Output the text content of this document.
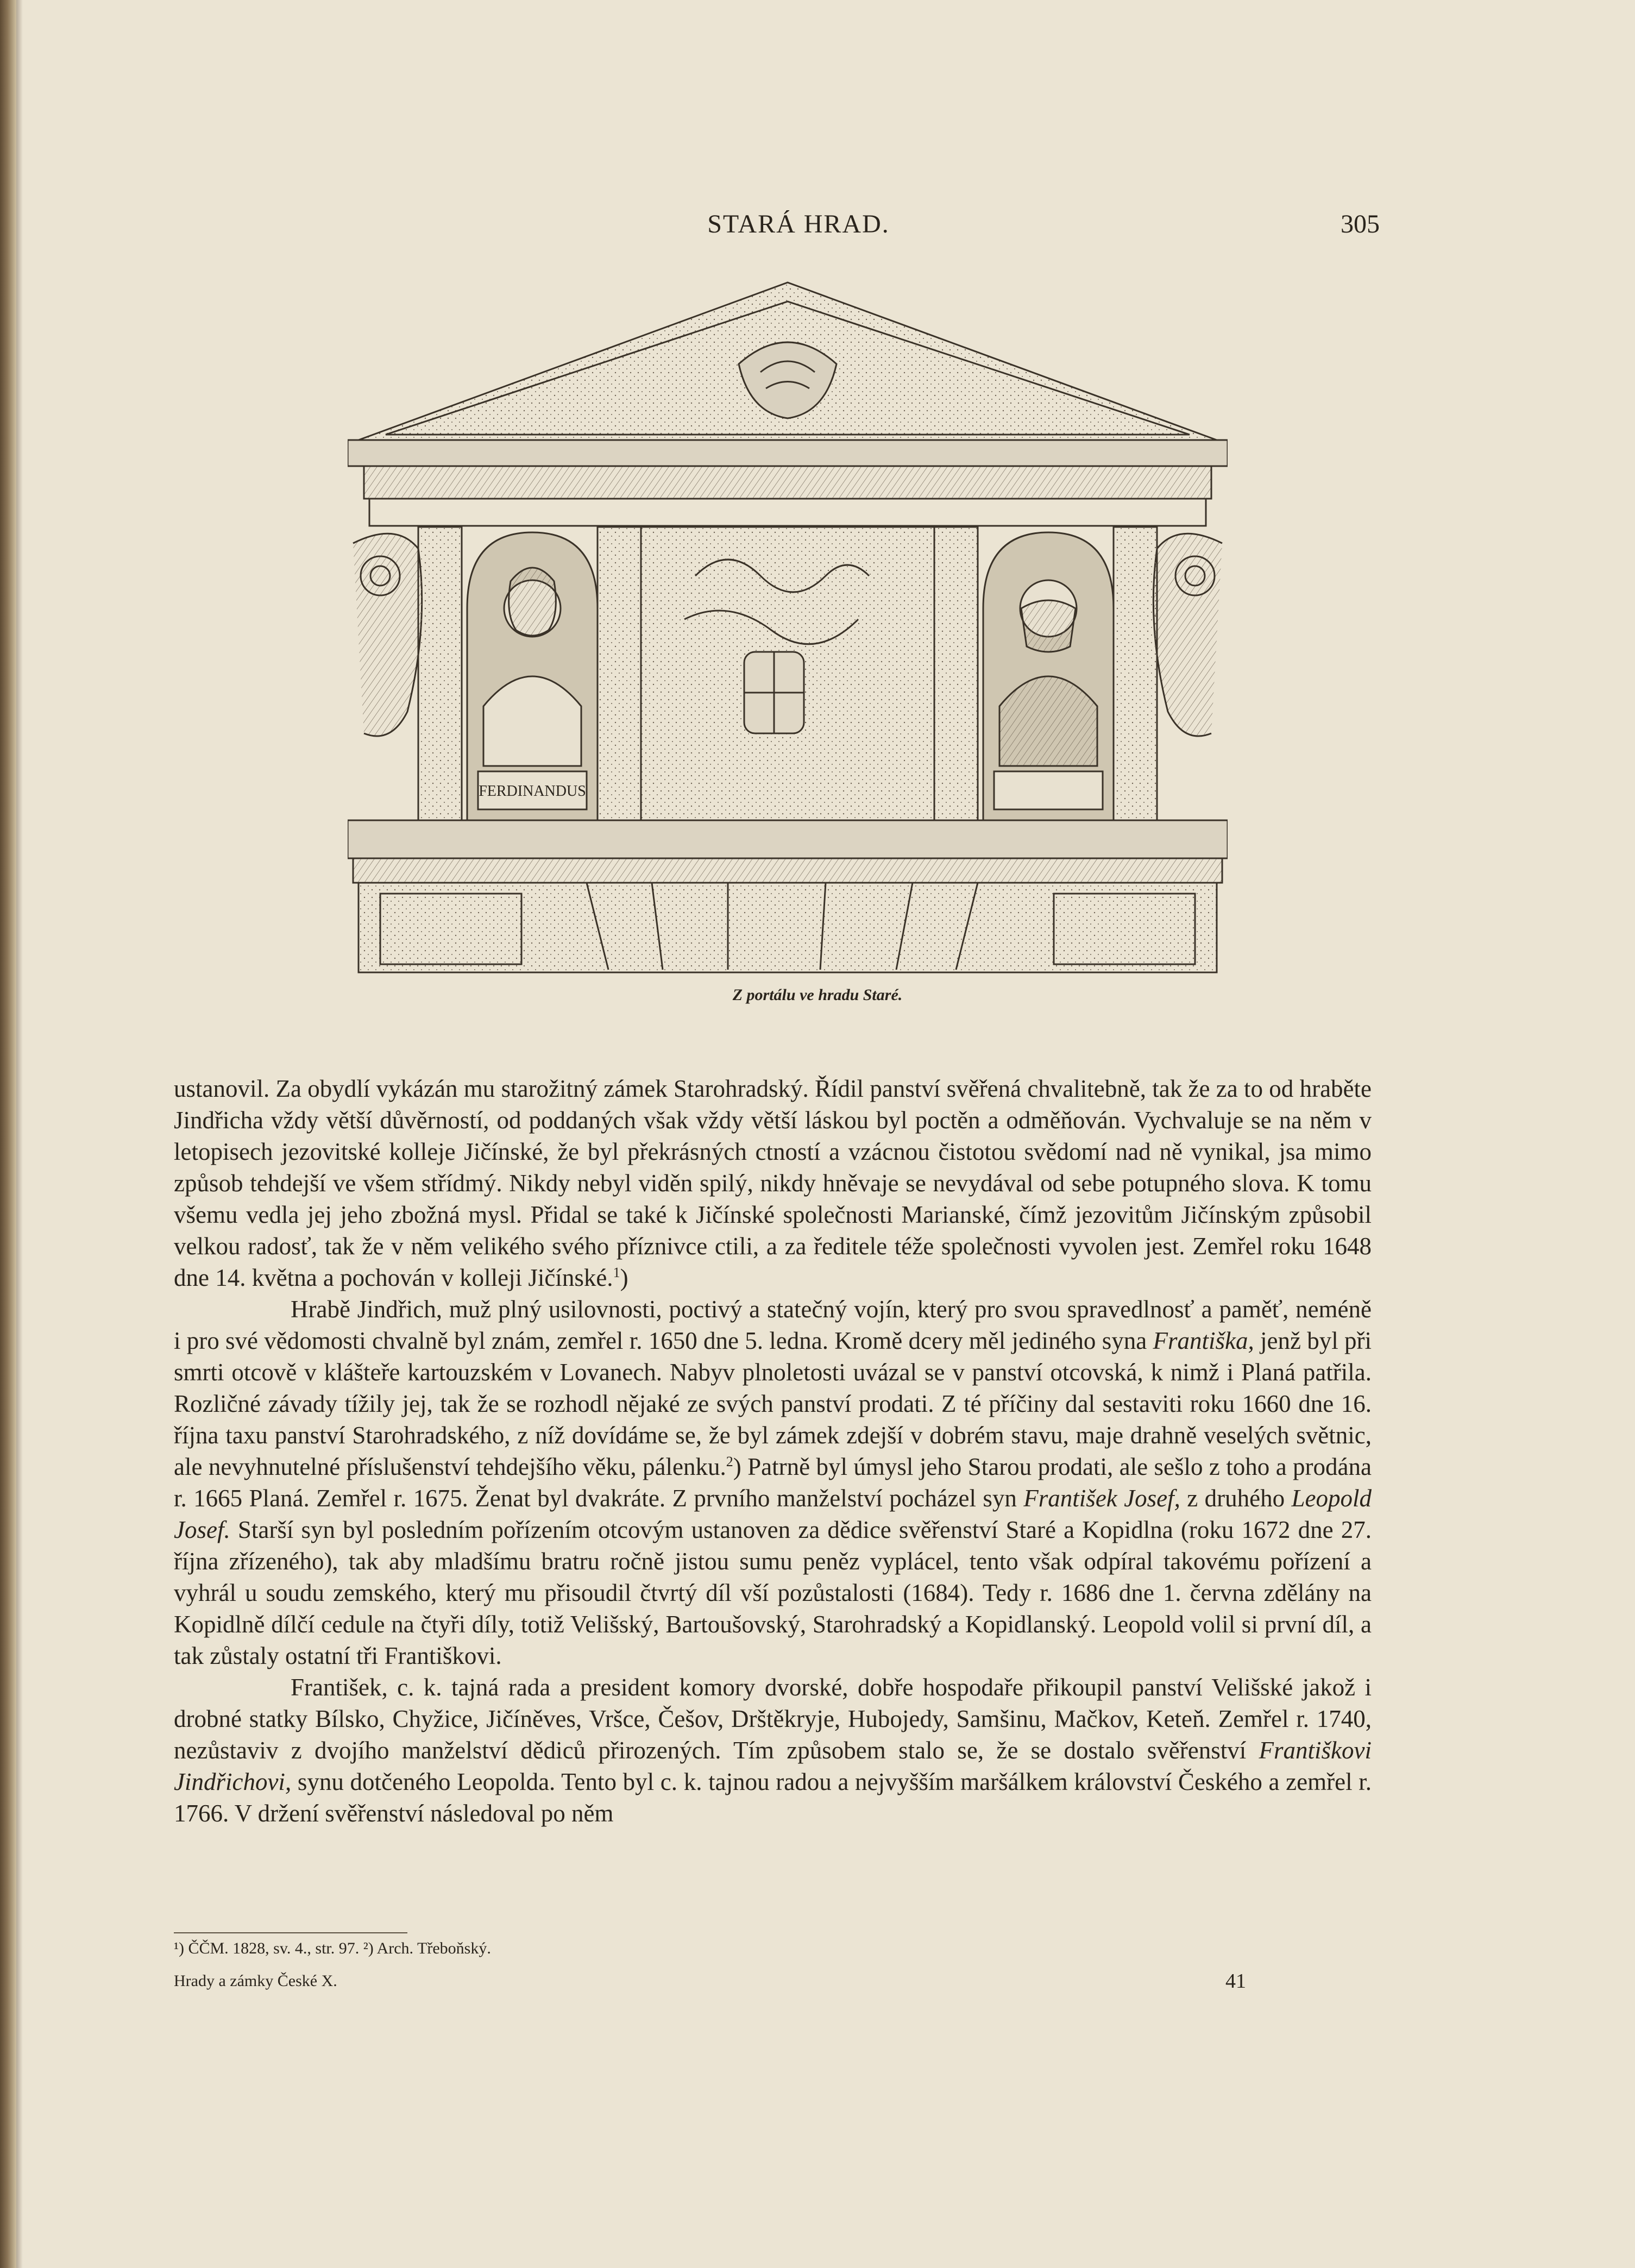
STARÁ HRAD.	305
FERDINANDUS
Z portálu ve hradu Staré.

ustanovil. Za obydlí vykázán mu starožitný zámek Starohradský. Řídil panství svěřená chvalitebně, tak že za to od hraběte Jindřicha vždy větší důvěrností, od poddaných však vždy větší láskou byl poctěn a odměňován. Vychvaluje se na něm v letopisech jezovitské kolleje Jičínské, že byl překrásných ctností a vzácnou čistotou svědomí nad ně vynikal, jsa mimo způsob tehdejší ve všem střídmý. Nikdy nebyl viděn spilý, nikdy hněvaje se nevydával od sebe potupného slova. K tomu všemu vedla jej jeho zbožná mysl. Přidal se také k Jičínské společnosti Marianské, čímž jezovitům Jičínským způsobil velkou radosť, tak že v něm velikého svého příznivce ctili, a za ředitele téže společnosti vyvolen jest. Zemřel roku 1648 dne 14. května a pochován v kolleji Jičínské.$^1$)

Hrabě Jindřich, muž plný usilovnosti, poctivý a statečný vojín, který pro svou spravedlnosť a paměť, neméně i pro své vědomosti chvalně byl znám, zemřel r. 1650 dne 5. ledna. Kromě dcery měl jediného syna Františka, jenž byl při smrti otcově v klášteře kartouzském v Lovanech. Nabyv plnoletosti uvázal se v panství otcovská, k nimž i Planá patřila. Rozličné závady tížily jej, tak že se rozhodl nějaké ze svých panství prodati. Z té příčiny dal sestaviti roku 1660 dne 16. října taxu panství Starohradského, z níž dovídáme se, že byl zámek zdejší v dobrém stavu, maje drahně veselých světnic, ale nevyhnutelné příslušenství tehdejšího věku, pálenku.$^2$) Patrně byl úmysl jeho Starou prodati, ale sešlo z toho a prodána r. 1665 Planá. Zemřel r. 1675. Ženat byl dvakráte. Z prvního manželství pocházel syn František Josef, z druhého Leopold Josef. Starší syn byl posledním pořízením otcovým ustanoven za dědice svěřenství Staré a Kopidlna (roku 1672 dne 27. října zřízeného), tak aby mladšímu bratru ročně jistou sumu peněz vyplácel, tento však odpíral takovému pořízení a vyhrál u soudu zemského, který mu přisoudil čtvrtý díl vší pozůstalosti (1684). Tedy r. 1686 dne 1. června zdělány na Kopidlně dílčí cedule na čtyři díly, totiž Velišský, Bartoušovský, Starohradský a Kopidlanský. Leopold volil si první díl, a tak zůstaly ostatní tři Františkovi.

František, c. k. tajná rada a president komory dvorské, dobře hospodaře přikoupil panství Velišské jakož i drobné statky Bílsko, Chyžice, Jičíněves, Vršce, Češov, Drštěkryje, Hubojedy, Samšinu, Mačkov, Keteň. Zemřel r. 1740, nezůstaviv z dvojího manželství dědiců přirozených. Tím způsobem stalo se, že se dostalo svěřenství Františkovi Jindřichovi, synu dotčeného Leopolda. Tento byl c. k. tajnou radou a nejvyšším maršálkem království Českého a zemřel r. 1766. V držení svěřenství následoval po něm

¹) ČČM. 1828, sv. 4., str. 97. ²) Arch. Třeboňský.
Hrady a zámky České X.	41
